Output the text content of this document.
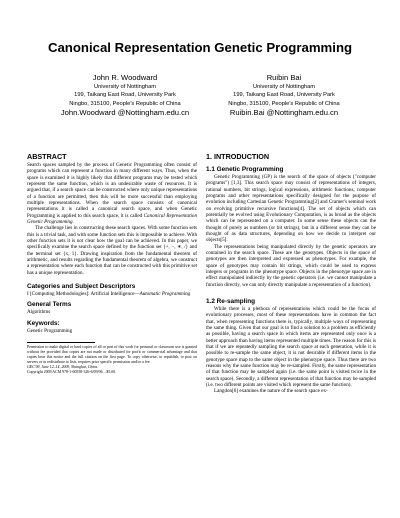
Canonical Representation Genetic Programming
John R. Woodward
University of Nottingham
199, Taikang East Road, University Park
Ningbo, 315100, People's Republic of China
John.Woodward @Nottingham.edu.cn
Ruibin Bai
University of Nottingham
199, Taikang East Road, University Park
Ningbo, 315100, People's Republic of China
Ruibin.Bai @Nottingham.edu.cn
ABSTRACT

Search spaces sampled by the process of Genetic Programming often consist of programs which can represent a function in many different ways. Thus, when the space is examined it is highly likely that different programs may be tested which represent the same function, which is an undesirable waste of resources. It is argued that, if a search space can be constructed where only unique representations of a function are permitted, then this will be more successful than employing multiple representations. When the search space consists of canonical representations it is called a canonical search space, and when Genetic Programming is applied to this search space, it is called Canonical Representation Genetic Programming.

The challenge lies in constructing these search spaces. With some function sets this is a trivial task, and with some function sets this is impossible to achieve. With other function sets it is not clear how the goal can be achieved. In this paper, we specifically examine the search space defined by the function set {+, −, ∗, /} and the terminal set {x, 1}. Drawing inspiration from the fundamental theorem of arithmetic, and results regarding the fundamental theorem of algebra, we construct a representation where each function that can be constructed with this primitive set has a unique representation.

Categories and Subject Descriptors

I [Computing Methodologies]: Artificial Intelligence—Automatic Programming

General Terms

Algorithms

Keywords:

Genetic Programming

Permission to make digital or hard copies of all or part of this work for personal or classroom use is granted without fee provided that copies are not made or distributed for profit or commercial advantage and that copies bear this notice and the full citation on the first page. To copy otherwise, to republish, to post on servers or to redistribute to lists, requires prior specific permission and/or a fee.

GEC'09, June 12–14, 2009, Shanghai, China.

Copyright 2009 ACM 978-1-60558-326-6/09/06 ...$5.00.

1. INTRODUCTION
1.1 Genetic Programming

Genetic Programming (GP) is the search of the space of objects ("computer programs") [1,3]. This search space may consist of representations of integers, rational numbers, bit strings, logical expressions, arithmetic functions, computer programs and other representations specifically designed for the purpose of evolution including Cartesian Genetic Programming[2] and Cramer's seminal work on evolving primitive recursive functions[4]. The set of objects which can potentially be evolved using Evolutionary Computation, is as broad as the objects which can be represented on a computer. In some sense these objects can the thought of purely as numbers (or bit strings), but in a different sense they can be thought of as data structures, depending on how we decide to interpret our objects[5].

The representations being manipulated directly by the genetic operators are contained in the search space. These are the genotypes. Objects in the space of genotypes are then interpreted and expressed as phenotypes. For example, the space of genotypes may contain bit strings, which could be used to express integers or programs in the phenotype space. Objects in the phenotype space are in effect manipulated indirectly by the genetic operators (i.e. we cannot manipulate a function directly, we can only directly manipulate a representation of a function).

1.2 Re-sampling

While there is a plethora of representations which could be the focus of evolutionary processes, most of these representations have in common the fact that, when representing functions there is, typically, multiple ways of representing the same thing. Given that our goal is to find a solution to a problem as efficiently as possible, having a search space in which items are represented only once is a better approach than having items represented multiple times. The reason for this is that if we are repeatedly sampling the search space at each generation, while it is possible to re-sample the same object, it is not desirable if different items in the genotype space map to the same object in the phenotype space. Thus there are two reasons why the same function may be re-sampled. Firstly, the same representation of that function may be sampled again (i.e. the same point is visited twice in the search space). Secondly, a different representation of that function may be sampled (i.e. two different points are visited which represent the same function).

Langdon[6] examines the nature of the search space ex-
